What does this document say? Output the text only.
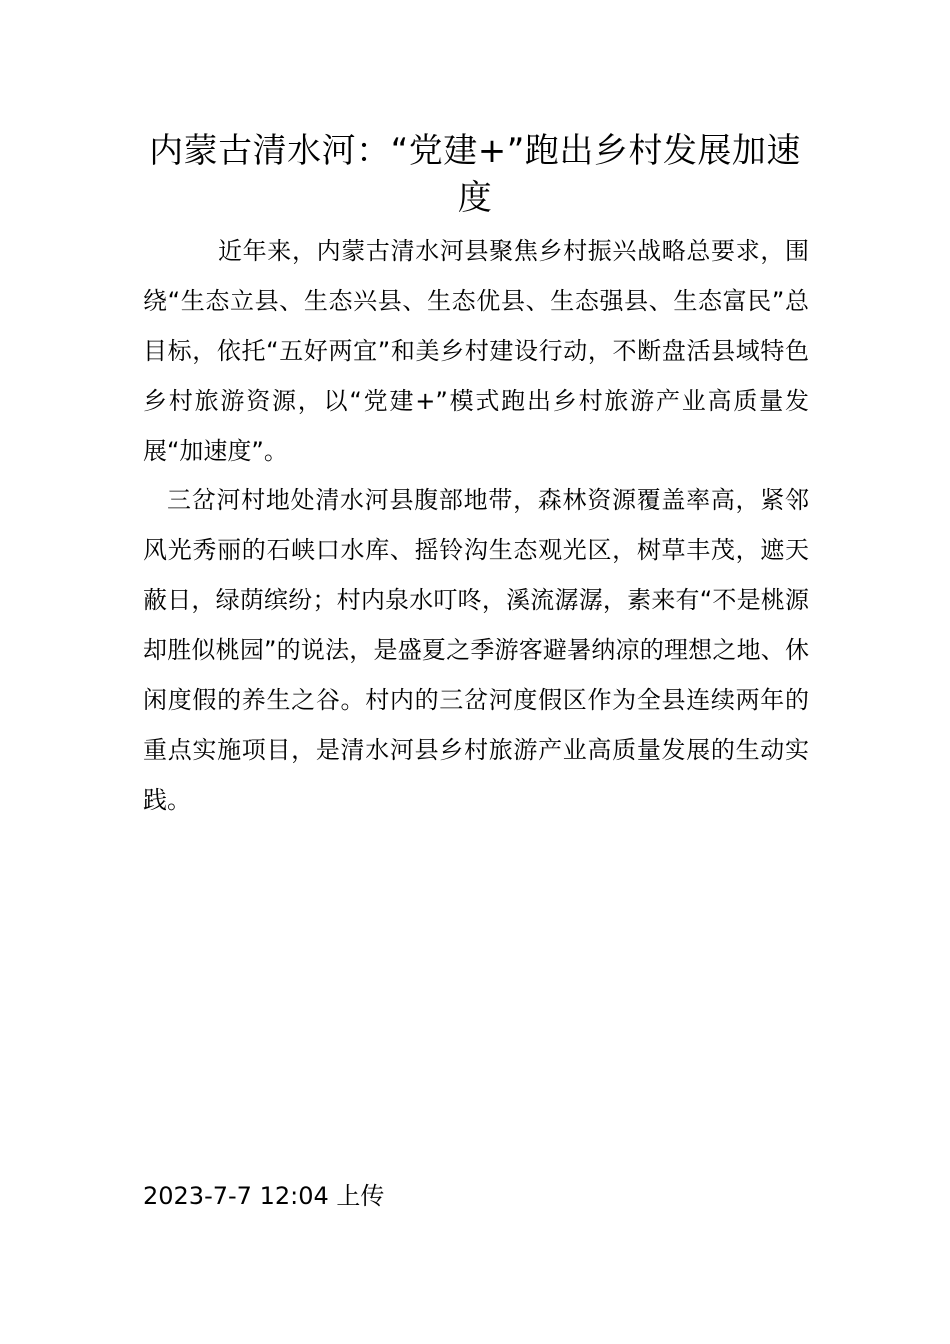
内蒙古清水河：“党建+”跑出乡村发展加速度

近年来，内蒙古清水河县聚焦乡村振兴战略总要求，围绕“生态立县、生态兴县、生态优县、生态强县、生态富民”总目标，依托“五好两宜”和美乡村建设行动，不断盘活县域特色乡村旅游资源，以“党建+”模式跑出乡村旅游产业高质量发展“加速度”。

三岔河村地处清水河县腹部地带，森林资源覆盖率高，紧邻风光秀丽的石峡口水库、摇铃沟生态观光区，树草丰茂，遮天蔽日，绿荫缤纷；村内泉水叮咚，溪流潺潺，素来有“不是桃源却胜似桃园”的说法，是盛夏之季游客避暑纳凉的理想之地、休闲度假的养生之谷。村内的三岔河度假区作为全县连续两年的重点实施项目，是清水河县乡村旅游产业高质量发展的生动实践。

2023-7-7 12:04 上传
